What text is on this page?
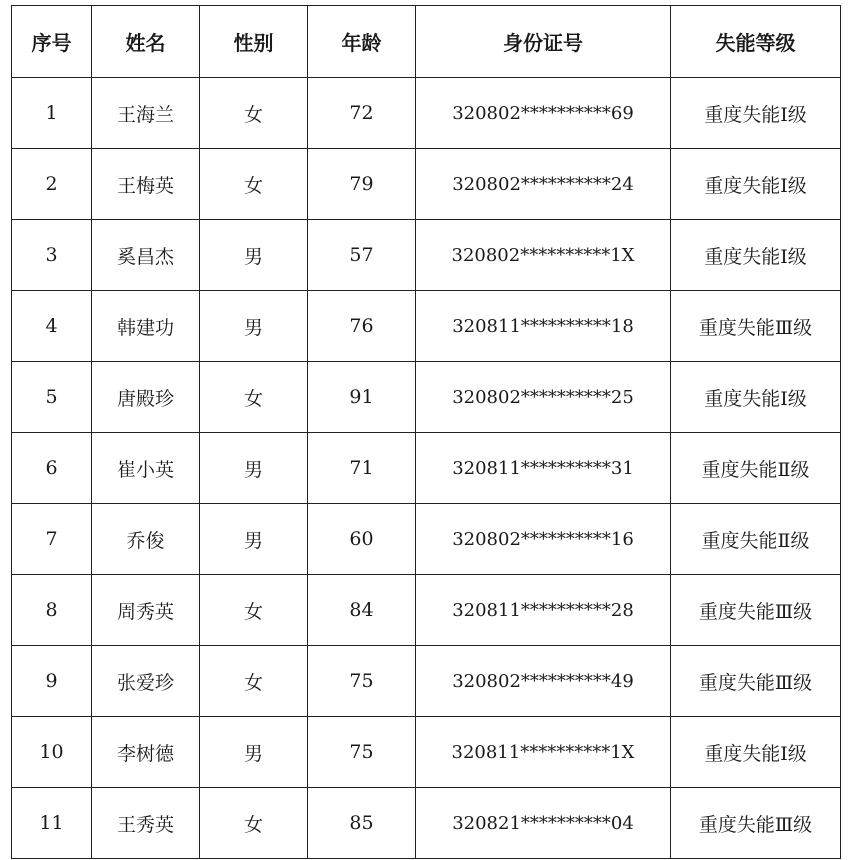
序号	姓名	性别	年龄	身份证号	失能等级
1	王海兰	女	72	320802**********69	重度失能Ⅰ级
2	王梅英	女	79	320802**********24	重度失能Ⅰ级
3	奚昌杰	男	57	320802**********1X	重度失能Ⅰ级
4	韩建功	男	76	320811**********18	重度失能Ⅲ级
5	唐殿珍	女	91	320802**********25	重度失能Ⅰ级
6	崔小英	男	71	320811**********31	重度失能Ⅱ级
7	乔俊	男	60	320802**********16	重度失能Ⅱ级
8	周秀英	女	84	320811**********28	重度失能Ⅲ级
9	张爱珍	女	75	320802**********49	重度失能Ⅲ级
10	李树德	男	75	320811**********1X	重度失能Ⅰ级
11	王秀英	女	85	320821**********04	重度失能Ⅲ级
